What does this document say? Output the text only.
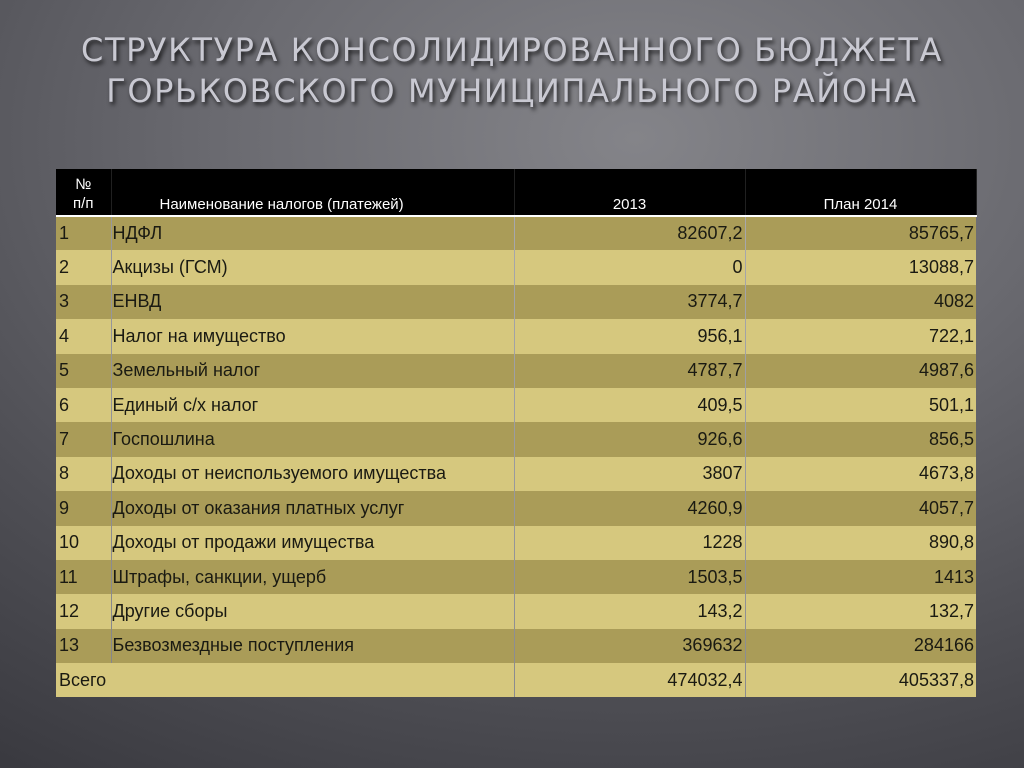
СТРУКТУРА КОНСОЛИДИРОВАННОГО БЮДЖЕТА
ГОРЬКОВСКОГО МУНИЦИПАЛЬНОГО РАЙОНА
№
п/п	Наименование налогов (платежей)	2013	План 2014
1	НДФЛ	82607,2	85765,7
2	Акцизы (ГСМ)	0	13088,7
3	ЕНВД	3774,7	4082
4	Налог на имущество	956,1	722,1
5	Земельный налог	4787,7	4987,6
6	Единый с/х налог	409,5	501,1
7	Госпошлина	926,6	856,5
8	Доходы от неиспользуемого имущества	3807	4673,8
9	Доходы от оказания платных услуг	4260,9	4057,7
10	Доходы от продажи имущества	1228	890,8
11	Штрафы, санкции, ущерб	1503,5	1413
12	Другие сборы	143,2	132,7
13	Безвозмездные поступления	369632	284166
Всего		474032,4	405337,8
